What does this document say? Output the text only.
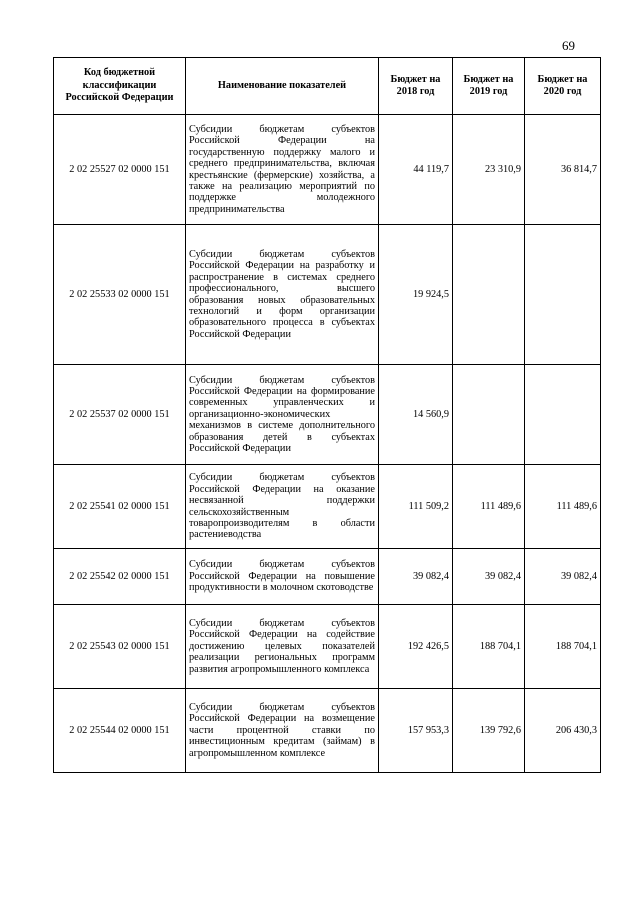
69
Код бюджетной классификации Российской Федерации	Наименование показателей	Бюджет на 2018 год	Бюджет на 2019 год	Бюджет на 2020 год
2 02 25527 02 0000 151	Субсидии бюджетам субъектов Российской Федерации на государственную поддержку малого и среднего предпринимательства, включая крестьянские (фермерские) хозяйства, а также на реализацию мероприятий по поддержке молодежного предпринимательства	44 119,7	23 310,9	36 814,7
2 02 25533 02 0000 151	Субсидии бюджетам субъектов Российской Федерации на разработку и распространение в системах среднего профессионального, высшего образования новых образовательных технологий и форм организации образовательного процесса в субъектах Российской Федерации	19 924,5		
2 02 25537 02 0000 151	Субсидии бюджетам субъектов Российской Федерации на формирование современных управленческих и организационно-экономических механизмов в системе дополнительного образования детей в субъектах Российской Федерации	14 560,9		
2 02 25541 02 0000 151	Субсидии бюджетам субъектов Российской Федерации на оказание несвязанной поддержки сельскохозяйственным товаропроизводителям в области растениеводства	111 509,2	111 489,6	111 489,6
2 02 25542 02 0000 151	Субсидии бюджетам субъектов Российской Федерации на повышение продуктивности в молочном скотоводстве	39 082,4	39 082,4	39 082,4
2 02 25543 02 0000 151	Субсидии бюджетам субъектов Российской Федерации на содействие достижению целевых показателей реализации региональных программ развития агропромышленного комплекса	192 426,5	188 704,1	188 704,1
2 02 25544 02 0000 151	Субсидии бюджетам субъектов Российской Федерации на возмещение части процентной ставки по инвестиционным кредитам (займам) в агропромышленном комплексе	157 953,3	139 792,6	206 430,3
